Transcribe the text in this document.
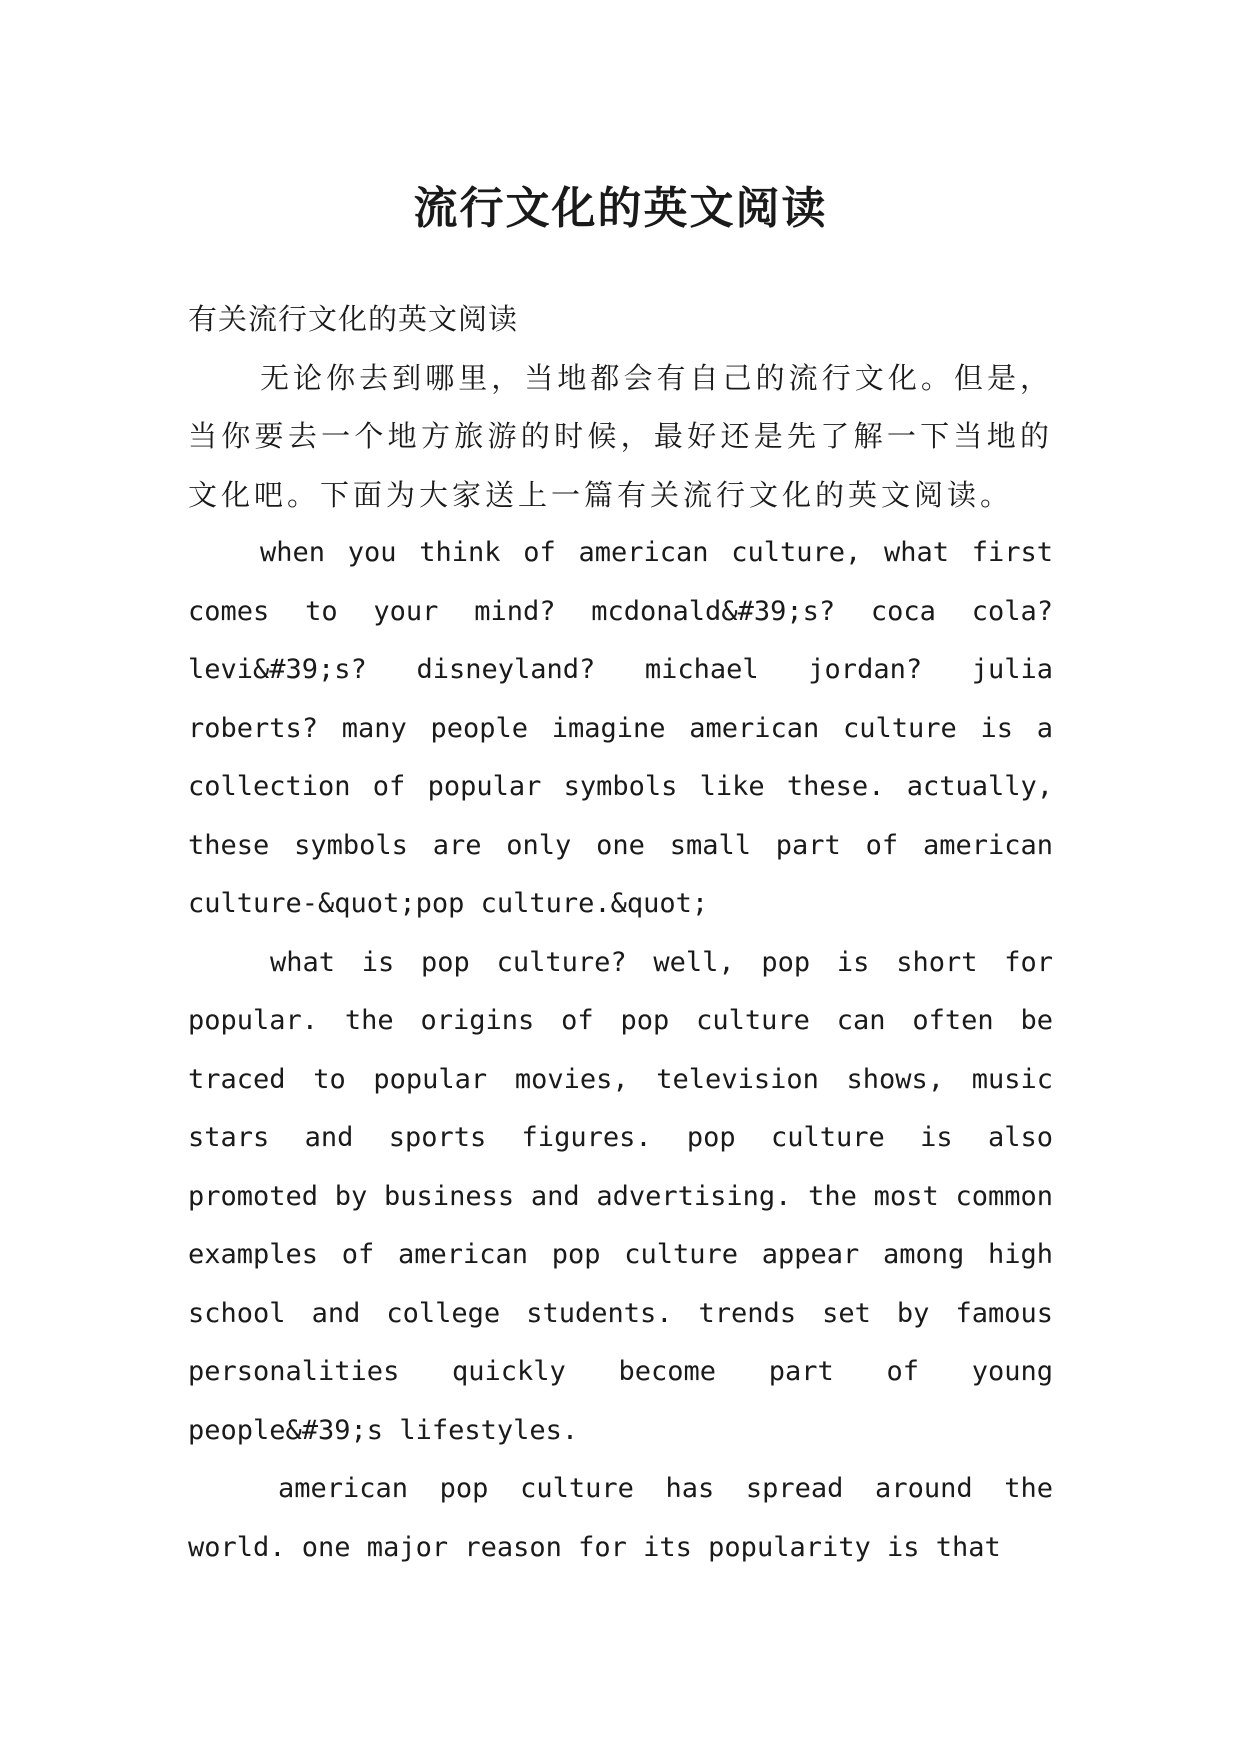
流行文化的英文阅读

有关流行文化的英文阅读

无论你去到哪里，当地都会有自己的流行文化。但是，当你要去一个地方旅游的时候，最好还是先了解一下当地的文化吧。下面为大家送上一篇有关流行文化的英文阅读。

when you think of american culture, what first comes to your mind? mcdonald&#39;s? coca cola? levi&#39;s? disneyland? michael jordan? julia roberts? many people imagine american culture is a collection of popular symbols like these. actually, these symbols are only one small part of american culture-&quot;pop culture.&quot;

what is pop culture? well, pop is short for popular. the origins of pop culture can often be traced to popular movies, television shows, music stars and sports figures. pop culture is also promoted by business and advertising. the most common examples of american pop culture appear among high school and college students. trends set by famous personalities quickly become part of young people&#39;s lifestyles.

american pop culture has spread around the world. one major reason for its popularity is that
